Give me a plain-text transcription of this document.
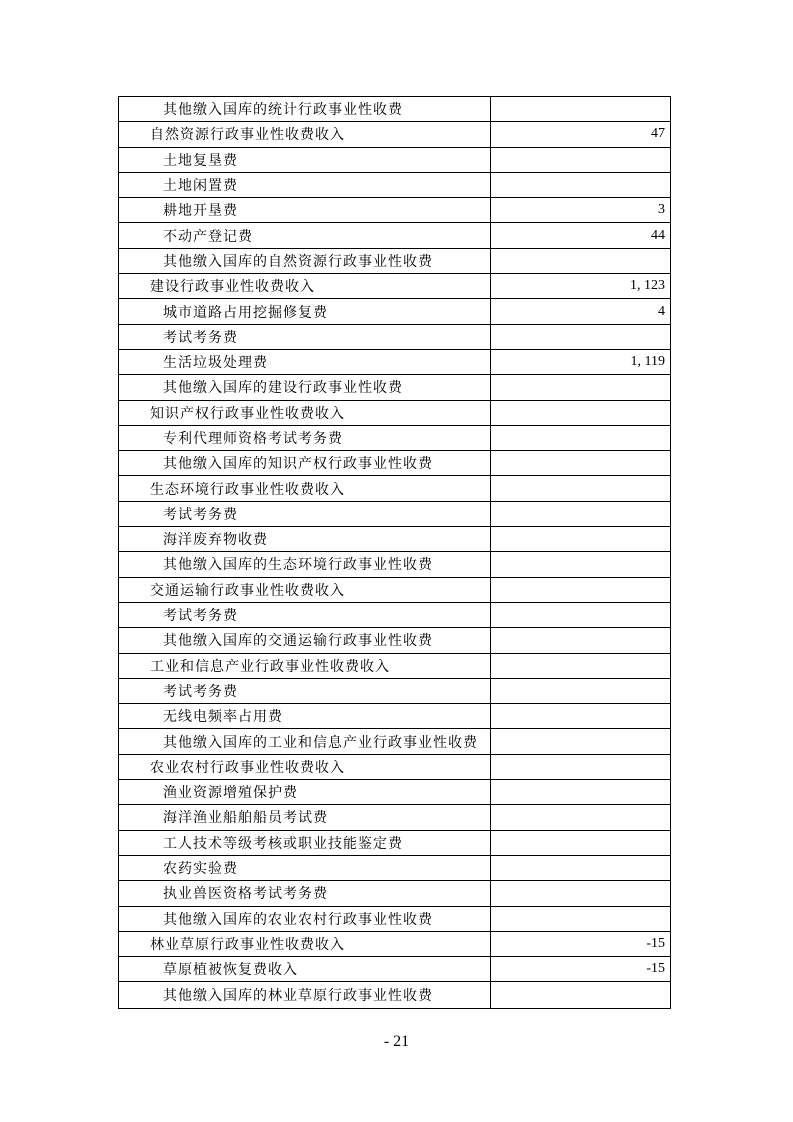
其他缴入国库的统计行政事业性收费
自然资源行政事业性收费收入	47
土地复垦费
土地闲置费
耕地开垦费	3
不动产登记费	44
其他缴入国库的自然资源行政事业性收费
建设行政事业性收费收入	1, 123
城市道路占用挖掘修复费	4
考试考务费
生活垃圾处理费	1, 119
其他缴入国库的建设行政事业性收费
知识产权行政事业性收费收入
专利代理师资格考试考务费
其他缴入国库的知识产权行政事业性收费
生态环境行政事业性收费收入
考试考务费
海洋废弃物收费
其他缴入国库的生态环境行政事业性收费
交通运输行政事业性收费收入
考试考务费
其他缴入国库的交通运输行政事业性收费
工业和信息产业行政事业性收费收入
考试考务费
无线电频率占用费
其他缴入国库的工业和信息产业行政事业性收费
农业农村行政事业性收费收入
渔业资源增殖保护费
海洋渔业船舶船员考试费
工人技术等级考核或职业技能鉴定费
农药实验费
执业兽医资格考试考务费
其他缴入国库的农业农村行政事业性收费
林业草原行政事业性收费收入	-15
草原植被恢复费收入	-15
其他缴入国库的林业草原行政事业性收费
- 21
